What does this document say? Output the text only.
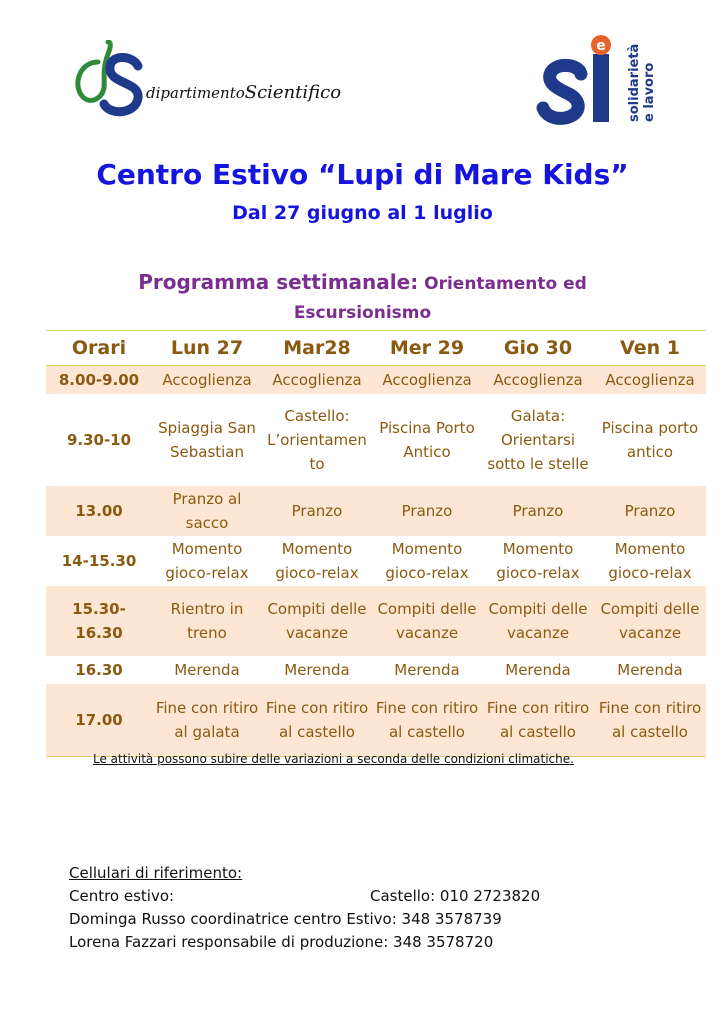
dipartimentoScientifico
e solidarietà e lavoro
Centro Estivo “Lupi di Mare Kids”
Dal 27 giugno al 1 luglio

Programma settimanale: Orientamento ed

Escursionismo

Orari	Lun 27	Mar28	Mer 29	Gio 30	Ven 1
8.00-9.00	Accoglienza	Accoglienza	Accoglienza	Accoglienza	Accoglienza
9.30-10	Spiaggia San Sebastian	Castello: L’orientamen to	Piscina Porto Antico	Galata: Orientarsi sotto le stelle	Piscina porto antico
13.00	Pranzo al sacco	Pranzo	Pranzo	Pranzo	Pranzo
14-15.30	Momento gioco-relax	Momento gioco-relax	Momento gioco-relax	Momento gioco-relax	Momento gioco-relax
15.30- 16.30	Rientro in treno	Compiti delle vacanze	Compiti delle vacanze	Compiti delle vacanze	Compiti delle vacanze
16.30	Merenda	Merenda	Merenda	Merenda	Merenda
17.00	Fine con ritiro al galata	Fine con ritiro al castello	Fine con ritiro al castello	Fine con ritiro al castello	Fine con ritiro al castello

Le attività possono subire delle variazioni a seconda delle condizioni climatiche.

Cellulari di riferimento:

Centro estivo:	Castello: 010 2723820

Dominga Russo coordinatrice centro Estivo: 348 3578739

Lorena Fazzari responsabile di produzione: 348 3578720
